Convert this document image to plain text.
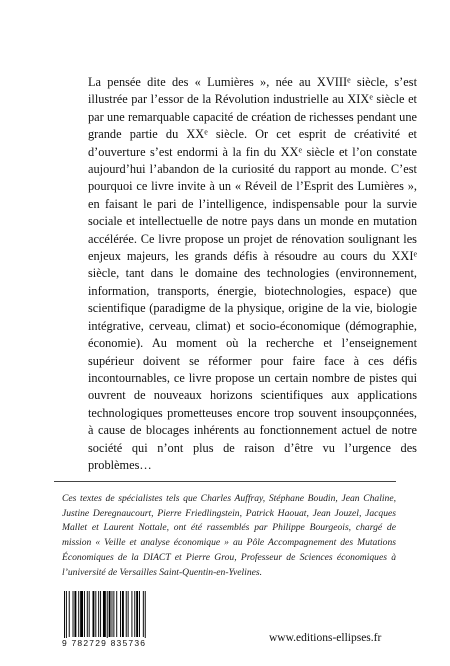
La pensée dite des « Lumières », née au XVIIIe siècle, s’est illustrée par l’essor de la Révolution industrielle au XIXe siècle et par une remarquable capacité de création de richesses pendant une grande partie du XXe siècle. Or cet esprit de créativité et d’ouverture s’est endormi à la fin du XXe siècle et l’on constate aujourd’hui l’abandon de la curiosité du rapport au monde. C’est pourquoi ce livre invite à un « Réveil de l’Esprit des Lumières », en faisant le pari de l’intelligence, indispensable pour la survie sociale et intellectuelle de notre pays dans un monde en mutation accélérée. Ce livre propose un projet de rénovation soulignant les enjeux majeurs, les grands défis à résoudre au cours du XXIe siècle, tant dans le domaine des technologies (environnement, information, transports, énergie, biotechnologies, espace) que scientifique (paradigme de la physique, origine de la vie, biologie intégrative, cerveau, climat) et socio-économique (démographie, économie). Au moment où la recherche et l’enseignement supérieur doivent se réformer pour faire face à ces défis incontournables, ce livre propose un certain nombre de pistes qui ouvrent de nouveaux horizons scientifiques aux applications technologiques prometteuses encore trop souvent insoupçonnées, à cause de blocages inhérents au fonctionnement actuel de notre société qui n’ont plus de raison d’être vu l’urgence des problèmes…
Ces textes de spécialistes tels que Charles Auffray, Stéphane Boudin, Jean Chaline, Justine Deregnaucourt, Pierre Friedlingstein, Patrick Haouat, Jean Jouzel, Jacques Mallet et Laurent Nottale, ont été rassemblés par Philippe Bourgeois, chargé de mission « Veille et analyse économique » au Pôle Accompagnement des Mutations Économiques de la DIACT et Pierre Grou, Professeur de Sciences économiques à l’université de Versailles Saint-Quentin-en-Yvelines.
9 782729 835736	www.editions-ellipses.fr
